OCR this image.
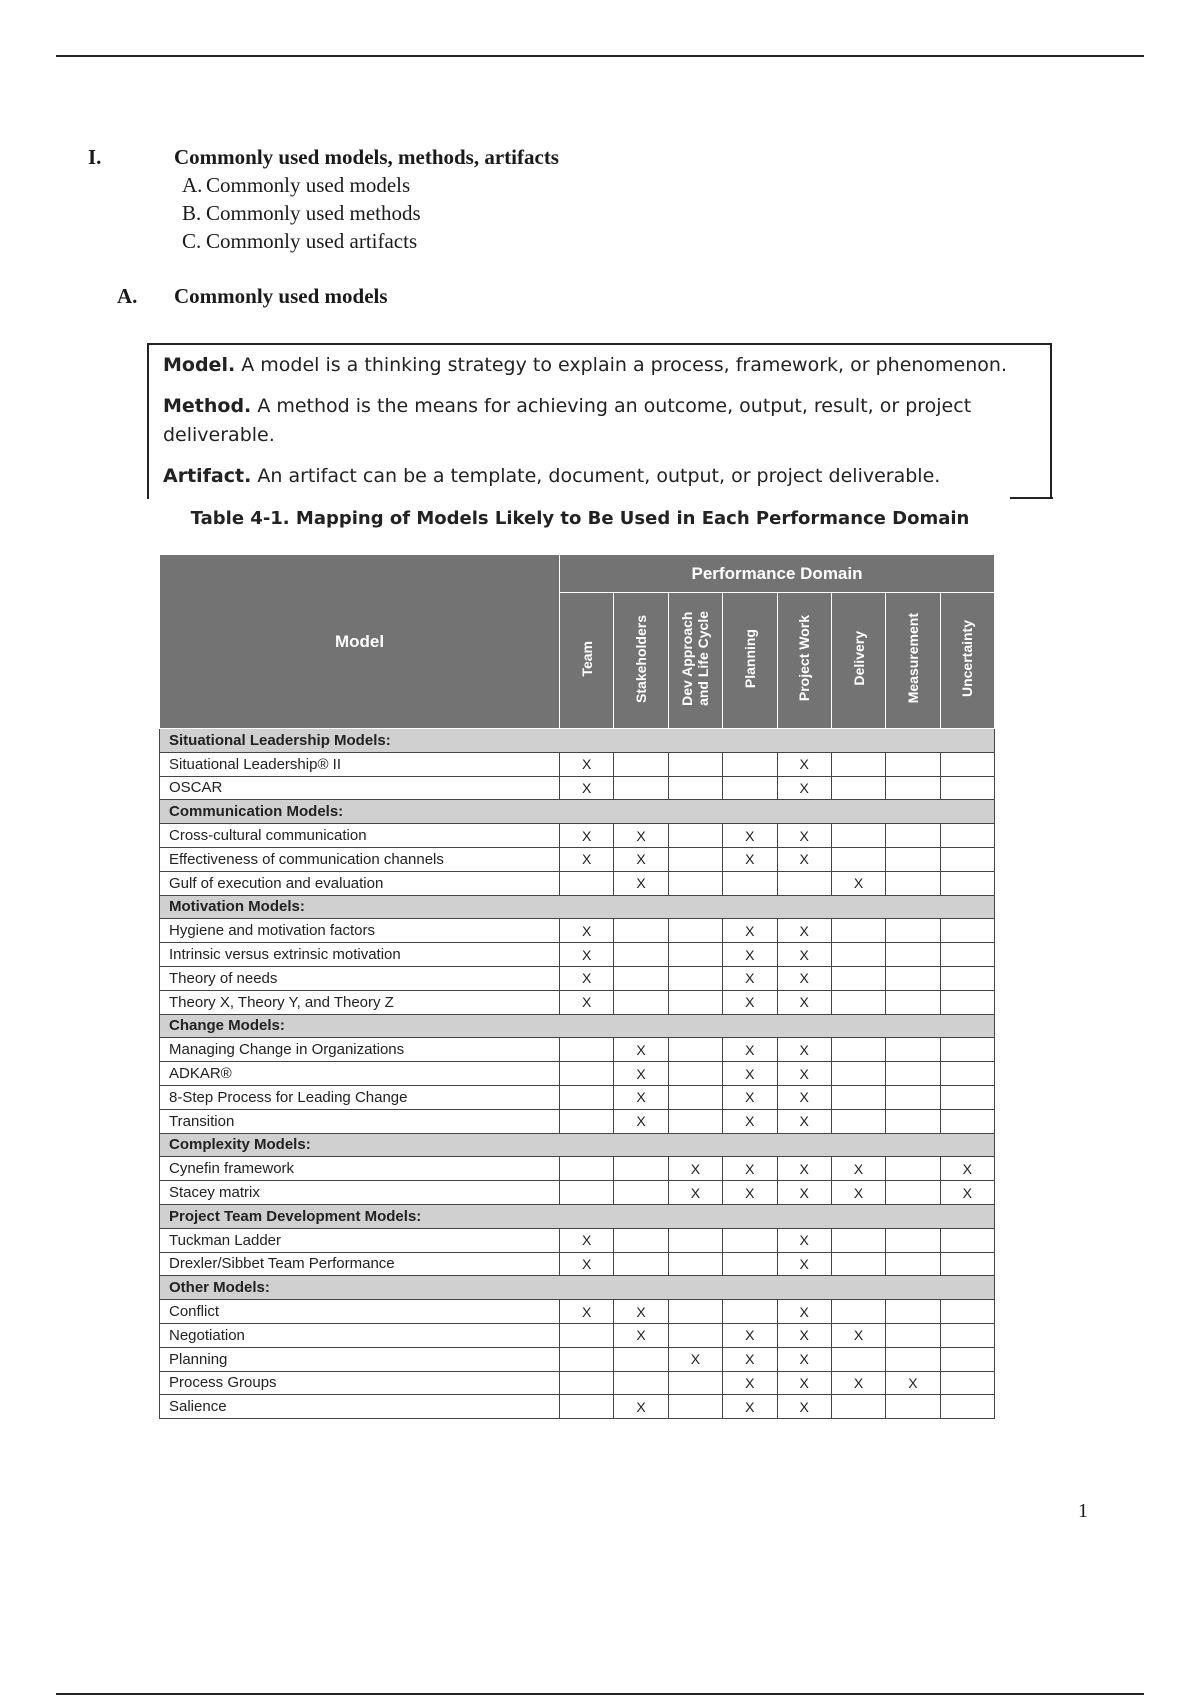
I.	Commonly used models, methods, artifacts
A. Commonly used models
B. Commonly used methods
C. Commonly used artifacts
A. Commonly used models

Model. A model is a thinking strategy to explain a process, framework, or phenomenon.

Method. A method is the means for achieving an outcome, output, result, or project deliverable.

Artifact. An artifact can be a template, document, output, or project deliverable.

Table 4-1. Mapping of Models Likely to Be Used in Each Performance Domain
Model	Performance Domain							
	Team	Stakeholders	Dev Approach
and Life Cycle	Planning	Project Work	Delivery	Measurement	Uncertainty
Situational Leadership Models:								
Situational Leadership® II	X				X			
OSCAR	X				X			
Communication Models:								
Cross-cultural communication	X	X		X	X			
Effectiveness of communication channels	X	X		X	X			
Gulf of execution and evaluation		X				X		
Motivation Models:								
Hygiene and motivation factors	X			X	X			
Intrinsic versus extrinsic motivation	X			X	X			
Theory of needs	X			X	X			
Theory X, Theory Y, and Theory Z	X			X	X			
Change Models:								
Managing Change in Organizations		X		X	X			
ADKAR®		X		X	X			
8-Step Process for Leading Change		X		X	X			
Transition		X		X	X			
Complexity Models:								
Cynefin framework			X	X	X	X		X
Stacey matrix			X	X	X	X		X
Project Team Development Models:								
Tuckman Ladder	X				X			
Drexler/Sibbet Team Performance	X				X			
Other Models:								
Conflict	X	X			X			
Negotiation		X		X	X	X		
Planning			X	X	X			
Process Groups				X	X	X	X	
Salience		X		X	X			
1
